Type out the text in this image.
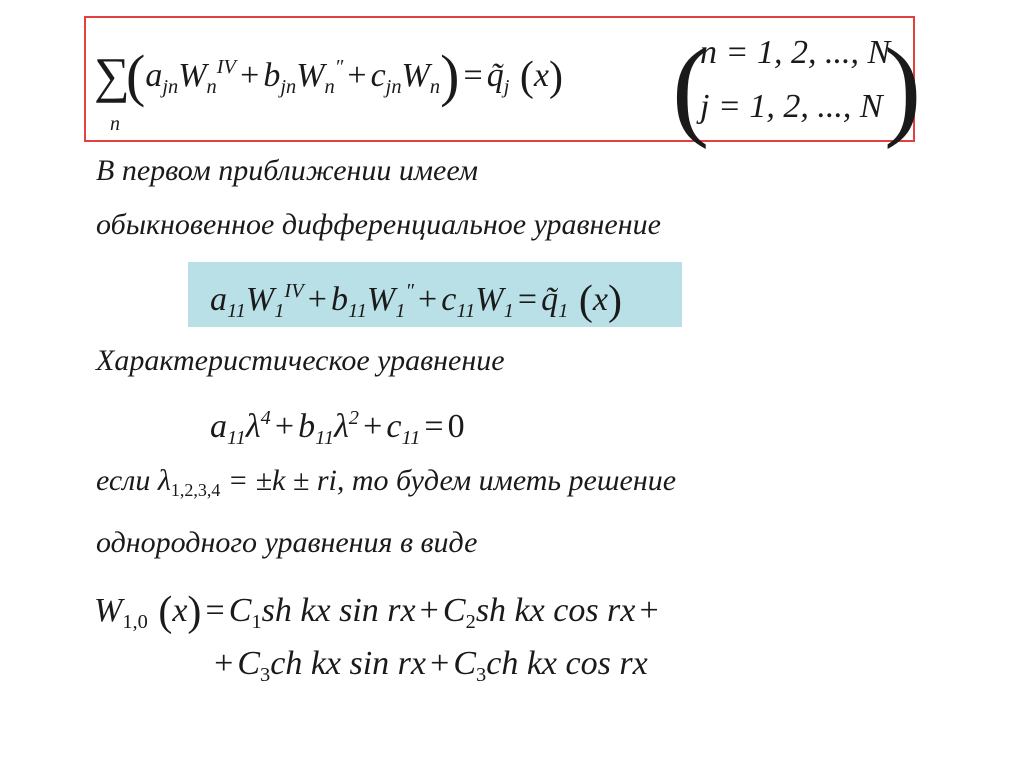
∑
n
$(a_{jn}W_n^{IV} + b_{jn}W_n'' + c_{jn}W_n)$ = $q̃_j$ (x) ( )
n = 1, 2, ..., N
j = 1, 2, ..., N
В первом приближении имеем
обыкновенное дифференциальное уравнение
$a_{11}W_1^{IV} + b_{11}W_1'' + c_{11}W_1$ = $q̃_1$ (x)
Характеристическое уравнение
$a_{11}\lambda^4 + b_{11}\lambda^2 + c_{11} = 0$
если $\lambda_{1,2,3,4} = \pm k$ ± ri, то будем иметь решение
однородного уравнения в виде
$W_{1,0}$ $(x) = C_1sh$ kx sin rx + $C_2sh$ kx cos rx +
+ $C_3ch$ kx sin rx + $C_3ch$ kx cos rx
